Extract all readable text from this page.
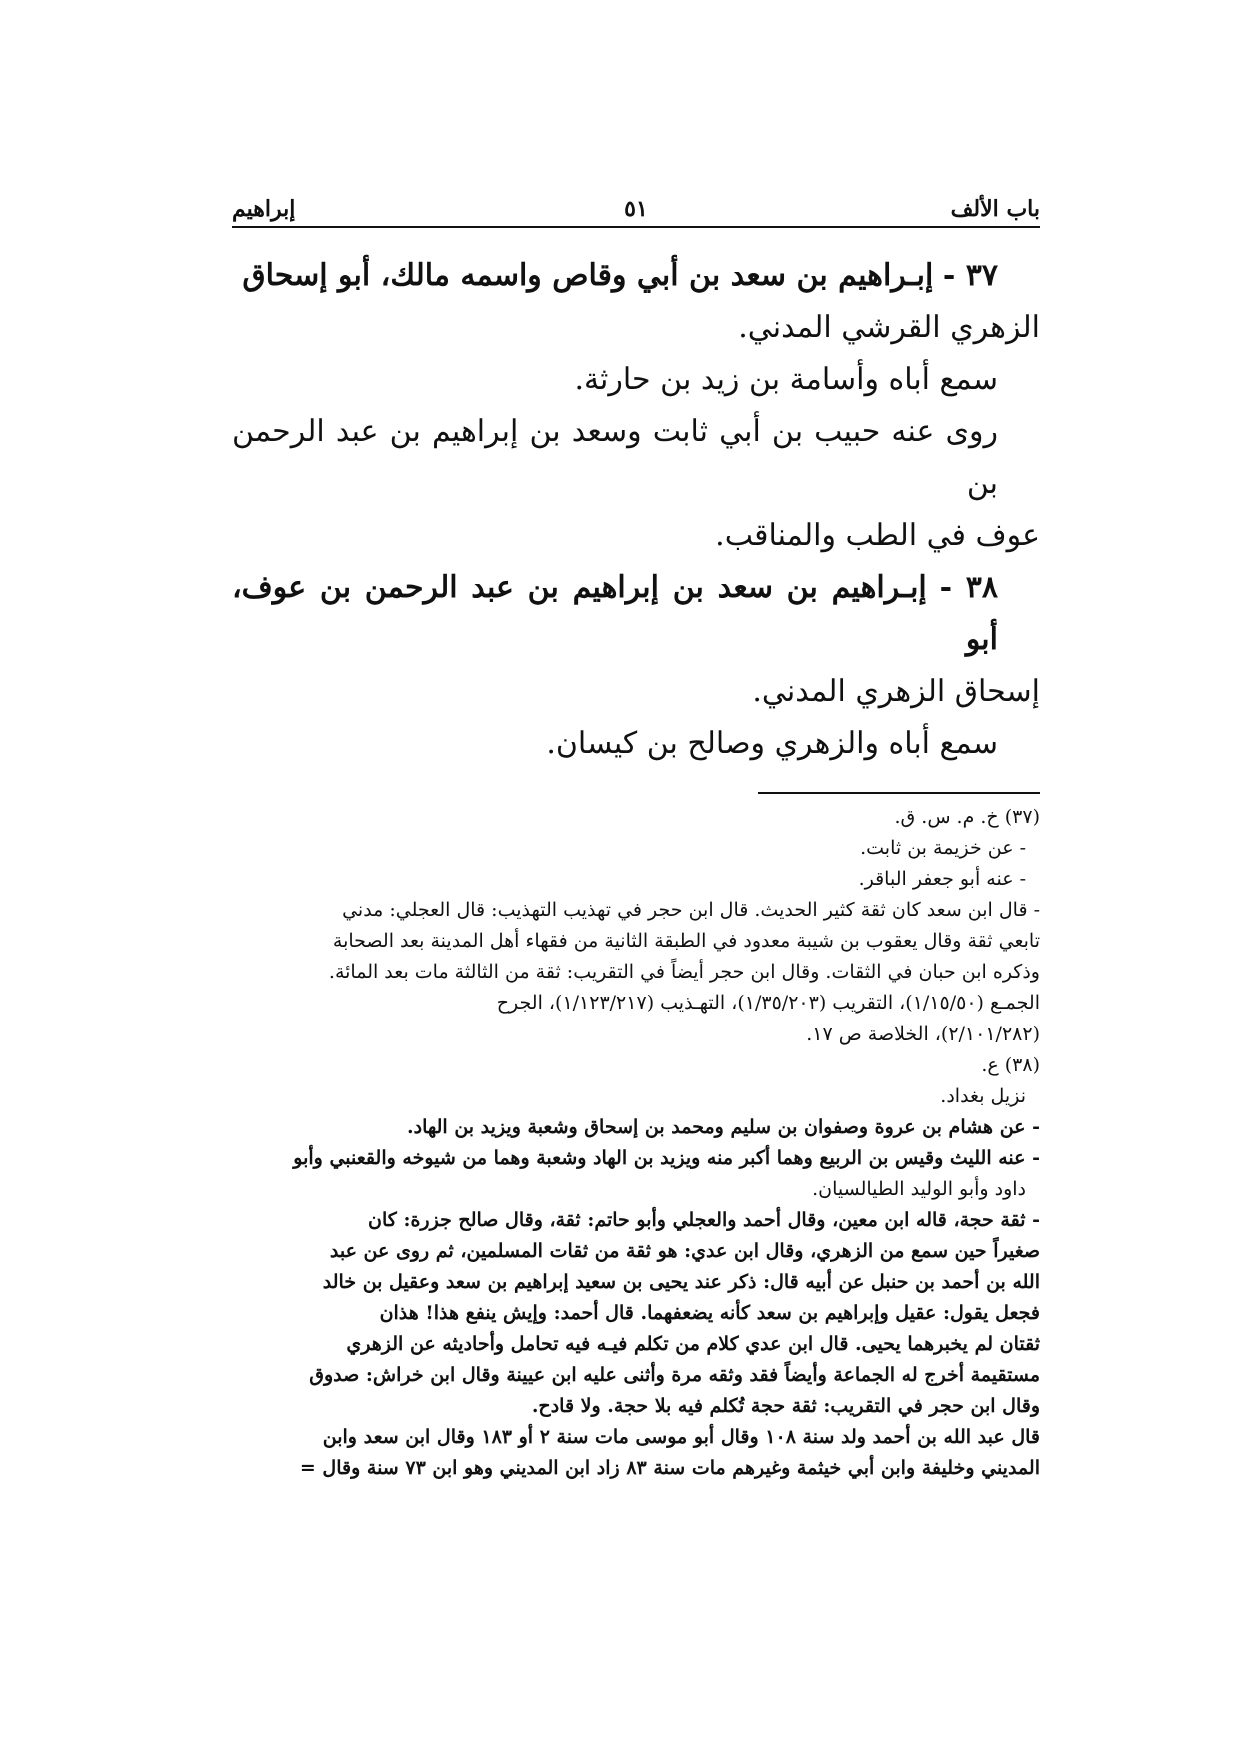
باب الألف
٥١
إبراهيم

٣٧ - إبـراهيم بن سعد بن أبي وقاص واسمه مالك، أبو إسحاق

الزهري القرشي المدني.

سمع أباه وأسامة بن زيد بن حارثة.

روى عنه حبيب بن أبي ثابت وسعد بن إبراهيم بن عبد الرحمن بن

عوف في الطب والمناقب.

٣٨ - إبـراهيم بن سعد بن إبراهيم بن عبد الرحمن بن عوف، أبو

إسحاق الزهري المدني.

سمع أباه والزهري وصالح بن كيسان.

(٣٧) خ. م. س. ق.

- عن خزيمة بن ثابت.

- عنه أبو جعفر الباقر.

- قال ابن سعد كان ثقة كثير الحديث. قال ابن حجر في تهذيب التهذيب: قال العجلي: مدني

تابعي ثقة وقال يعقوب بن شيبة معدود في الطبقة الثانية من فقهاء أهل المدينة بعد الصحابة

وذكره ابن حبان في الثقات. وقال ابن حجر أيضاً في التقريب: ثقة من الثالثة مات بعد المائة.

الجمـع (١/١٥/٥٠)، التقريب (١/٣٥/٢٠٣)، التهـذيب (١/١٢٣/٢١٧)، الجرح

(٢/١٠١/٢٨٢)، الخلاصة ص ١٧.

(٣٨) ع.

نزيل بغداد.

- عن هشام بن عروة وصفوان بن سليم ومحمد بن إسحاق وشعبة ويزيد بن الهاد.

- عنه الليث وقيس بن الربيع وهما أكبر منه ويزيد بن الهاد وشعبة وهما من شيوخه والقعنبي وأبو

داود وأبو الوليد الطيالسيان.

- ثقة حجة، قاله ابن معين، وقال أحمد والعجلي وأبو حاتم: ثقة، وقال صالح جزرة: كان

صغيراً حين سمع من الزهري، وقال ابن عدي: هو ثقة من ثقات المسلمين، ثم روى عن عبد

الله بن أحمد بن حنبل عن أبيه قال: ذكر عند يحيى بن سعيد إبراهيم بن سعد وعقيل بن خالد

فجعل يقول: عقيل وإبراهيم بن سعد كأنه يضعفهما. قال أحمد: وإيش ينفع هذا! هذان

ثقتان لم يخبرهما يحيى. قال ابن عدي كلام من تكلم فيـه فيه تحامل وأحاديثه عن الزهري

مستقيمة أخرج له الجماعة وأيضاً فقد وثقه مرة وأثنى عليه ابن عيينة وقال ابن خراش: صدوق

وقال ابن حجر في التقريب: ثقة حجة تُكلم فيه بلا حجة. ولا قادح.

قال عبد الله بن أحمد ولد سنة ١٠٨ وقال أبو موسى مات سنة ٢ أو ١٨٣ وقال ابن سعد وابن

المديني وخليفة وابن أبي خيثمة وغيرهم مات سنة ٨٣ زاد ابن المديني وهو ابن ٧٣ سنة وقال =
